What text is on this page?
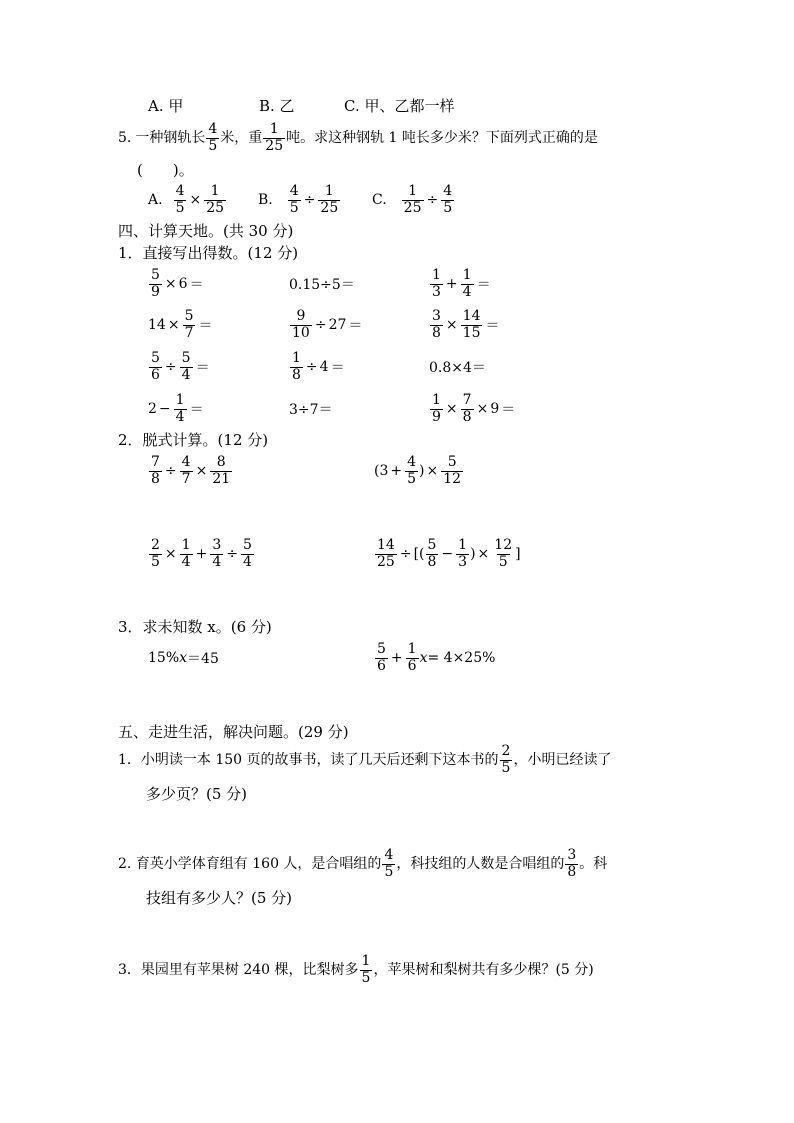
A. 甲	B. 乙	C. 甲、乙都一样
5. 一种钢轨长 $\frac{4}{5}$ 米，重 $\frac{1}{25}$ 吨。求这种钢轨 1 吨长多少米？下面列式正确的是
(　　)。
A. $\frac{4}{5} \times \frac{1}{25} B$. $\frac{4}{5} \div \frac{1}{25} C$. $\frac{1}{25} \div \frac{4}{5}$
四、计算天地。(共 30 分)
1．直接写出得数。(12 分)
$\frac{5}{9} \times 6$ ＝	0.15÷5＝	$\frac{1}{3} + \frac{1}{4}$ ＝
$14 \times \frac{5}{7}$ ＝	$\frac{9}{10} \div 27$ ＝	$\frac{3}{8} \times \frac{14}{15}$ ＝
$\frac{5}{6} \div \frac{5}{4}$ ＝	$\frac{1}{8} \div 4$ ＝	0.8×4＝
$2 - \frac{1}{4}$ ＝	3÷7＝	$\frac{1}{9} \times \frac{7}{8} \times 9$ ＝
2．脱式计算。(12 分)
$\frac{7}{8} \div \frac{4}{7} \times \frac{8}{21}$	( $3 + \frac{4}{5}$ ) × $\frac{5}{12}$
$\frac{2}{5} \times \frac{1}{4} + \frac{3}{4} \div \frac{5}{4}$	$\frac{14}{25}$ ÷ [ ( $\frac{5}{8} - \frac{1}{3}$ ) × $\frac{12}{5}$ ]
3．求未知数 x。(6 分)
15% x ＝45	$\frac{5}{6} + \frac{1}{6}$ x = 4×25%
五、走进生活，解决问题。(29 分)
1．小明读一本 150 页的故事书，读了几天后还剩下这本书的 $\frac{2}{5}$ ，小明已经读了
多少页？(5 分)
2. 育英小学体育组有 160 人，是合唱组的 $\frac{4}{5}$ ，科技组的人数是合唱组的 $\frac{3}{8}$ 。科
技组有多少人？(5 分)
3．果园里有苹果树 240 棵，比梨树多 $\frac{1}{5}$ ，苹果树和梨树共有多少棵？(5 分)
